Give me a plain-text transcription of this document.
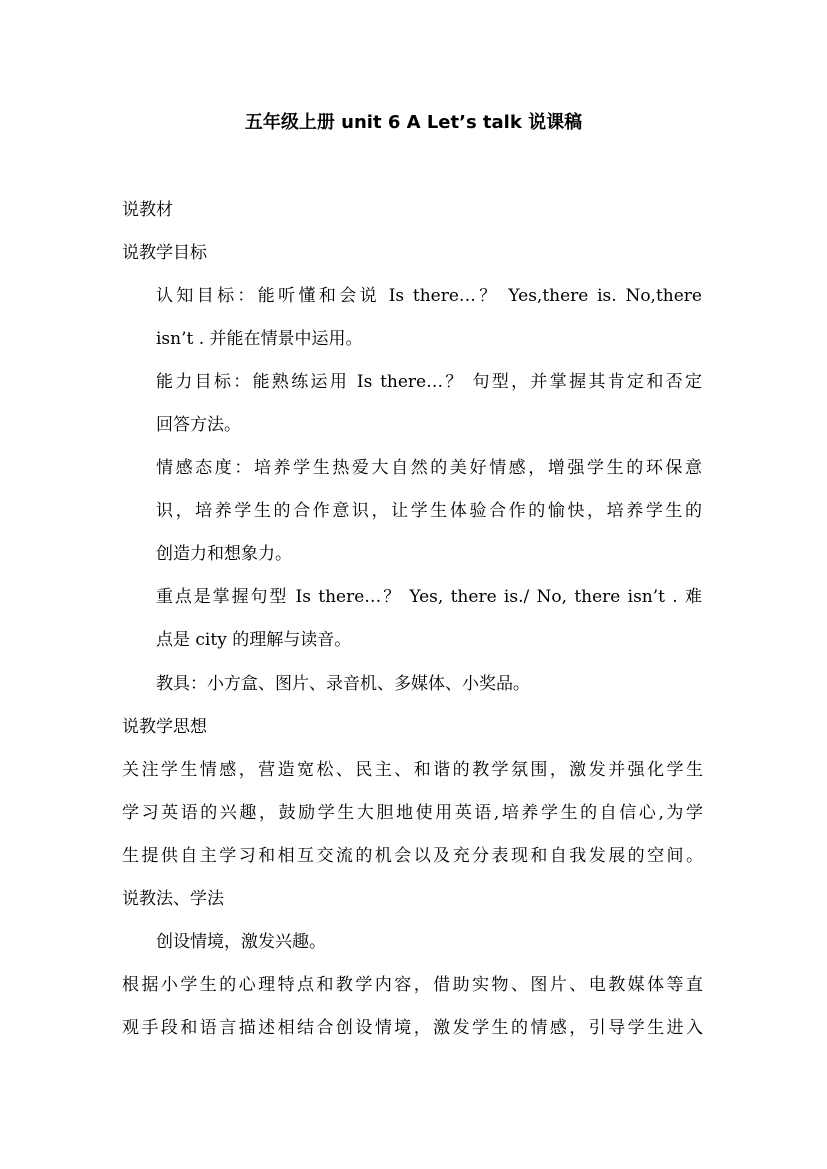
五年级上册 unit 6 A Let’s talk 说课稿
说教材
说教学目标
认知目标：能听懂和会说 Is there…？ Yes,there is. No,there
isn’t . 并能在情景中运用。
能力目标：能熟练运用 Is there…？ 句型，并掌握其肯定和否定
回答方法。
情感态度：培养学生热爱大自然的美好情感，增强学生的环保意
识，培养学生的合作意识，让学生体验合作的愉快，培养学生的
创造力和想象力。
重点是掌握句型 Is there…？ Yes, there is./ No, there isn’t . 难
点是 city 的理解与读音。
教具：小方盒、图片、录音机、多媒体、小奖品。
说教学思想
关注学生情感，营造宽松、民主、和谐的教学氛围，激发并强化学生
学习英语的兴趣，鼓励学生大胆地使用英语,培养学生的自信心,为学
生提供自主学习和相互交流的机会以及充分表现和自我发展的空间。
说教法、学法
创设情境，激发兴趣。
根据小学生的心理特点和教学内容，借助实物、图片、电教媒体等直
观手段和语言描述相结合创设情境，激发学生的情感，引导学生进入
